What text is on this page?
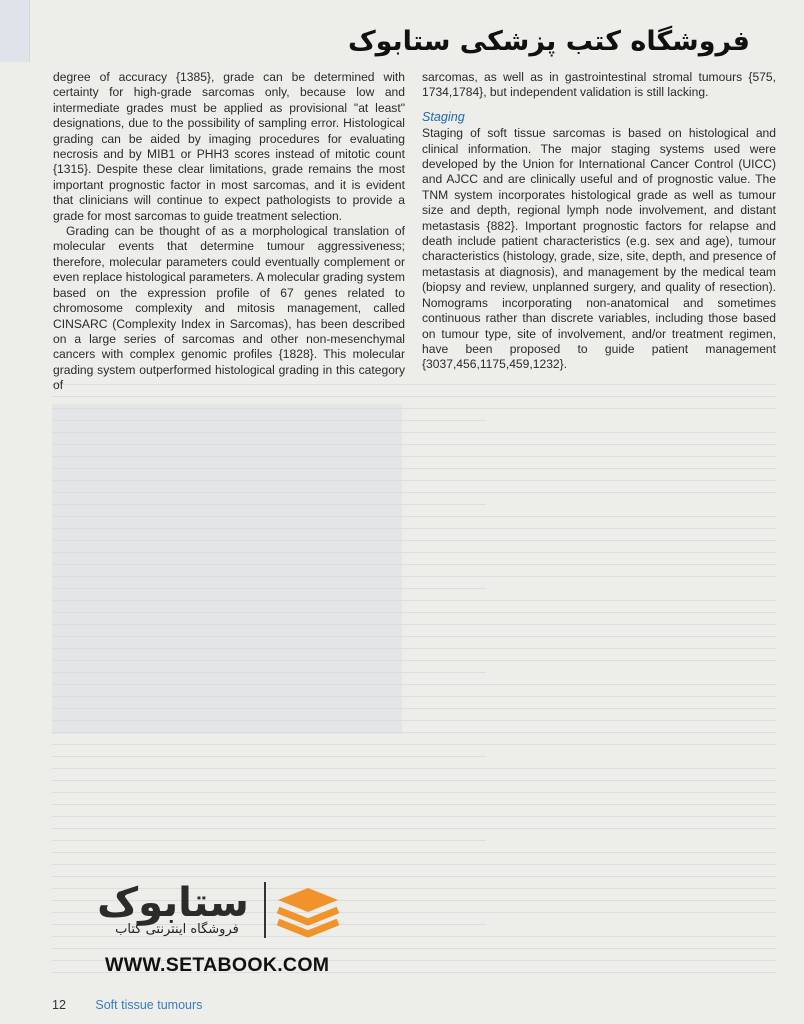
فروشگاه کتب پزشکی ستابوک

degree of accuracy {1385}, grade can be determined with certainty for high-grade sarcomas only, because low and intermediate grades must be applied as provisional "at least" designations, due to the possibility of sampling error. Histological grading can be aided by imaging procedures for evaluating necrosis and by MIB1 or PHH3 scores instead of mitotic count {1315}. Despite these clear limitations, grade remains the most important prognostic factor in most sarcomas, and it is evident that clinicians will continue to expect pathologists to provide a grade for most sarcomas to guide treatment selection.

Grading can be thought of as a morphological translation of molecular events that determine tumour aggressiveness; therefore, molecular parameters could eventually complement or even replace histological parameters. A molecular grading system based on the expression profile of 67 genes related to chromosome complexity and mitosis management, called CINSARC (Complexity Index in Sarcomas), has been described on a large series of sarcomas and other non-mesenchymal cancers with complex genomic profiles {1828}. This molecular grading system outperformed histological grading in this category of

sarcomas, as well as in gastrointestinal stromal tumours {575, 1734,1784}, but independent validation is still lacking.

Staging

Staging of soft tissue sarcomas is based on histological and clinical information. The major staging systems used were developed by the Union for International Cancer Control (UICC) and AJCC and are clinically useful and of prognostic value. The TNM system incorporates histological grade as well as tumour size and depth, regional lymph node involvement, and distant metastasis {882}. Important prognostic factors for relapse and death include patient characteristics (e.g. sex and age), tumour characteristics (histology, grade, size, site, depth, and presence of metastasis at diagnosis), and management by the medical team (biopsy and review, unplanned surgery, and quality of resection). Nomograms incorporating non-anatomical and sometimes continuous rather than discrete variables, including those based on tumour type, site of involvement, and/or treatment regimen, have been proposed to guide patient management {3037,456,1175,459,1232}.

ستابوک
فروشگاه اینترنتی کتاب
WWW.SETABOOK.COM
12 Soft tissue tumours
